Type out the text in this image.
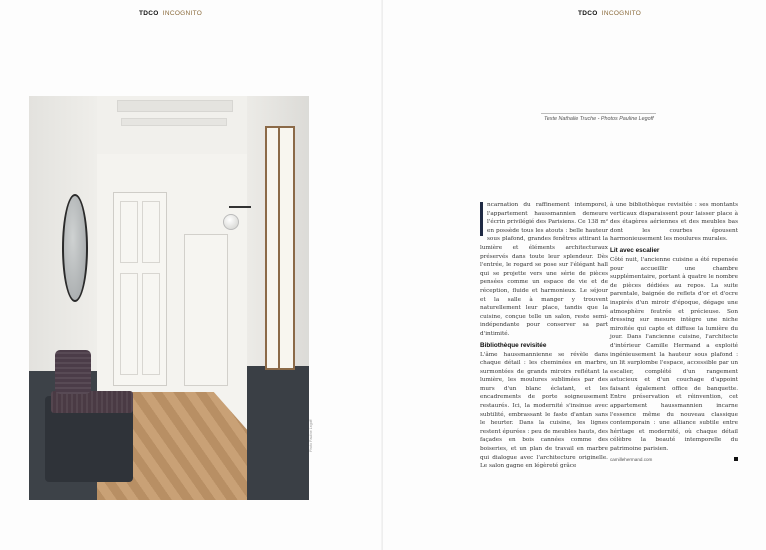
TDCO INCOGNITO
Photo Pauline Legoff
TDCO INCOGNITO
Texte Nathalie Truche - Photos Pauline Legoff

ncarnation du raffinement intemporel, l'appartement haussmannien demeure l'écrin privilégié des Parisiens. Ce 138 m² en possède tous les atouts : belle hauteur sous plafond, grandes fenêtres attirant la lumière et éléments architecturaux préservés dans toute leur splendeur. Dès l'entrée, le regard se pose sur l'élégant hall qui se projette vers une série de pièces pensées comme un espace de vie et de réception, fluide et harmonieux. Le séjour et la salle à manger y trouvent naturellement leur place, tandis que la cuisine, conçue telle un salon, reste semi-indépendante pour conserver sa part d'intimité.

Bibliothèque revisitée

L'âme haussmannienne se révèle dans chaque détail : les cheminées en marbre, surmontées de grands miroirs reflétant la lumière, les moulures sublimées par des murs d'un blanc éclatant, et les encadrements de porte soigneusement restaurés. Ici, la modernité s'insinue avec subtilité, embrassant le faste d'antan sans le heurter. Dans la cuisine, les lignes restent épurées : peu de meubles hauts, des façades en bois cannées comme des boiseries, et un plan de travail en marbre qui dialogue avec l'architecture originelle. Le salon gagne en légèreté grâce

à une bibliothèque revisitée : ses montants verticaux disparaissent pour laisser place à des étagères aériennes et des meubles bas dont les courbes épousent harmonieusement les moulures murales.

Lit avec escalier

Côté nuit, l'ancienne cuisine a été repensée pour accueillir une chambre supplémentaire, portant à quatre le nombre de pièces dédiées au repos. La suite parentale, baignée de reflets d'or et d'ocre inspirés d'un miroir d'époque, dégage une atmosphère feutrée et précieuse. Son dressing sur mesure intègre une niche miroitée qui capte et diffuse la lumière du jour. Dans l'ancienne cuisine, l'architecte d'intérieur Camille Hermand a exploité ingénieusement la hauteur sous plafond : un lit surplombe l'espace, accessible par un escalier, complété d'un rangement astucieux et d'un couchage d'appoint faisant également office de banquette. Entre préservation et réinvention, cet appartement haussmannien incarne l'essence même du nouveau classique contemporain : une alliance subtile entre héritage et modernité, où chaque détail célèbre la beauté intemporelle du patrimoine parisien.

camillehermand.com
